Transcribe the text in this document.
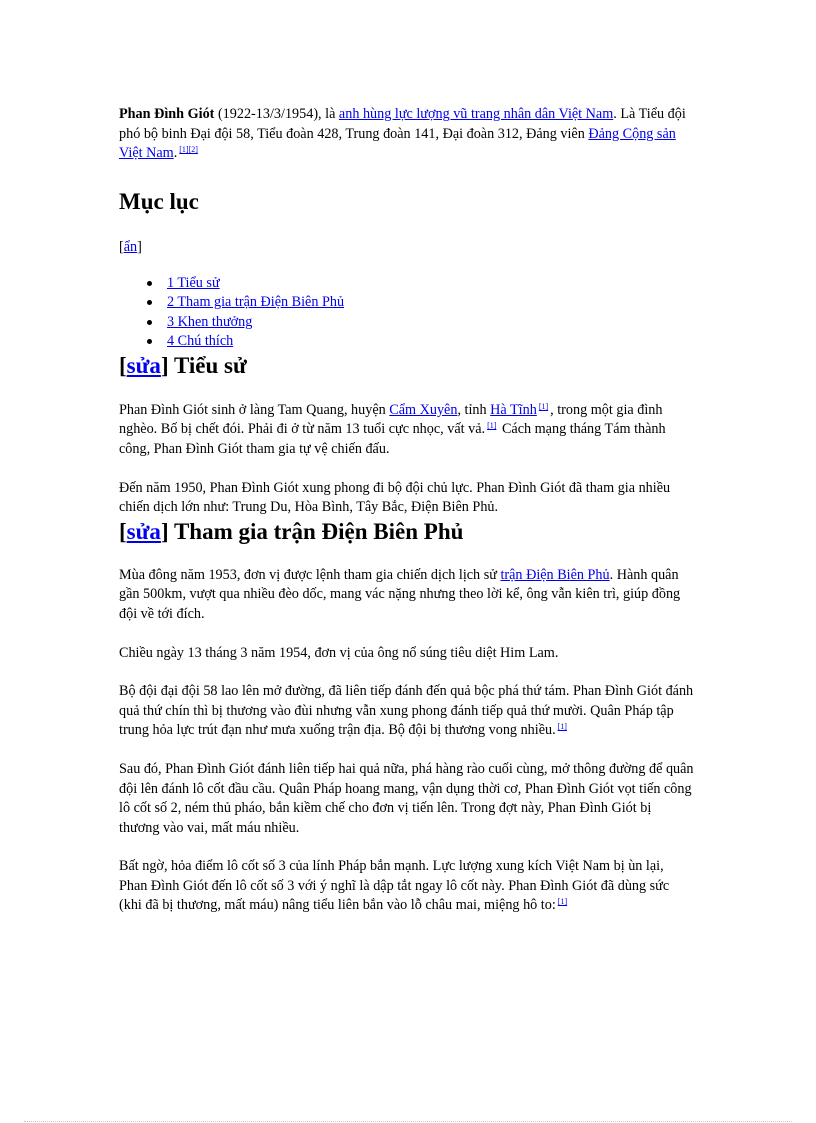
Phan Đình Giót (1922-13/3/1954), là anh hùng lực lượng vũ trang nhân dân Việt Nam. Là Tiểu đội phó bộ binh Đại đội 58, Tiểu đoàn 428, Trung đoàn 141, Đại đoàn 312, Đảng viên Đảng Cộng sản Việt Nam. [1][2]

Mục lục
[ẩn]
1 Tiểu sử
2 Tham gia trận Điện Biên Phủ
3 Khen thưởng
4 Chú thích
[sửa] Tiểu sử

Phan Đình Giót sinh ở làng Tam Quang, huyện Cẩm Xuyên, tỉnh Hà Tĩnh [1] , trong một gia đình nghèo. Bố bị chết đói. Phải đi ở từ năm 13 tuổi cực nhọc, vất vả. [1] Cách mạng tháng Tám thành công, Phan Đình Giót tham gia tự vệ chiến đấu.

Đến năm 1950, Phan Đình Giót xung phong đi bộ đội chủ lực. Phan Đình Giót đã tham gia nhiều chiến dịch lớn như: Trung Du, Hòa Bình, Tây Bắc, Điện Biên Phủ.

[sửa] Tham gia trận Điện Biên Phủ

Mùa đông năm 1953, đơn vị được lệnh tham gia chiến dịch lịch sử trận Điện Biên Phủ. Hành quân gần 500km, vượt qua nhiều đèo dốc, mang vác nặng nhưng theo lời kể, ông vẫn kiên trì, giúp đồng đội về tới đích.

Chiều ngày 13 tháng 3 năm 1954, đơn vị của ông nổ súng tiêu diệt Him Lam.

Bộ đội đại đội 58 lao lên mở đường, đã liên tiếp đánh đến quả bộc phá thứ tám. Phan Đình Giót đánh quả thứ chín thì bị thương vào đùi nhưng vẫn xung phong đánh tiếp quả thứ mười. Quân Pháp tập trung hỏa lực trút đạn như mưa xuống trận địa. Bộ đội bị thương vong nhiều. [1]

Sau đó, Phan Đình Giót đánh liên tiếp hai quả nữa, phá hàng rào cuối cùng, mở thông đường để quân đội lên đánh lô cốt đầu cầu. Quân Pháp hoang mang, vận dụng thời cơ, Phan Đình Giót vọt tiến công lô cốt số 2, ném thủ pháo, bắn kiềm chế cho đơn vị tiến lên. Trong đợt này, Phan Đình Giót bị thương vào vai, mất máu nhiều.

Bất ngờ, hỏa điểm lô cốt số 3 của lính Pháp bắn mạnh. Lực lượng xung kích Việt Nam bị ùn lại, Phan Đình Giót đến lô cốt số 3 với ý nghĩ là dập tắt ngay lô cốt này. Phan Đình Giót đã dùng sức (khi đã bị thương, mất máu) nâng tiểu liên bắn vào lỗ châu mai, miệng hô to: [1]
